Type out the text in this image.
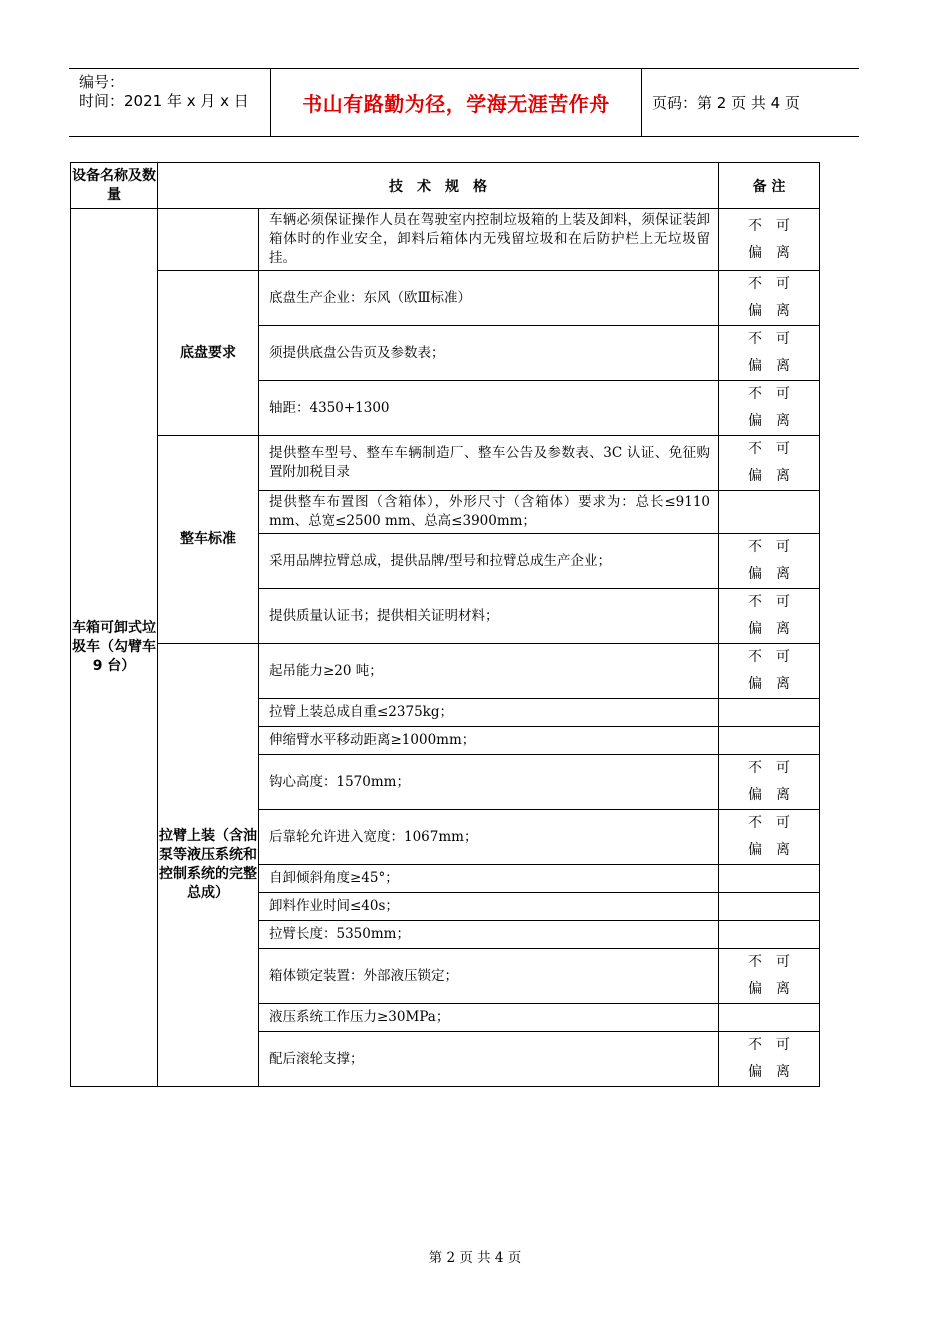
编号：
时间：2021 年 x 月 x 日	书山有路勤为径，学海无涯苦作舟	页码：第 2 页 共 4 页
设备名称及数量	技　术　规　格		备 注
车箱可卸式垃圾车（勾臂车 9 台）		车辆必须保证操作人员在驾驶室内控制垃圾箱的上装及卸料，须保证装卸箱体时的作业安全，卸料后箱体内无残留垃圾和在后防护栏上无垃圾留挂。	不　可
偏　离

	底盘要求	底盘生产企业：东风（欧Ⅲ标准）	不　可
偏　离

		须提供底盘公告页及参数表；	不　可
偏　离

		轴距：4350+1300	不　可
偏　离

	整车标准	提供整车型号、整车车辆制造厂、整车公告及参数表、3C 认证、免征购置附加税目录	不　可
偏　离

		提供整车布置图（含箱体），外形尺寸（含箱体）要求为：总长≤9110 mm、总宽≤2500 mm、总高≤3900mm；	
		采用品牌拉臂总成，提供品牌/型号和拉臂总成生产企业；	不　可
偏　离

		提供质量认证书；提供相关证明材料；	不　可
偏　离

	拉臂上装（含油泵等液压系统和控制系统的完整总成）	起吊能力≥20 吨；	不　可
偏　离

		拉臂上装总成自重≤2375kg；	
		伸缩臂水平移动距离≥1000mm；	
		钩心高度：1570mm；	不　可
偏　离

		后靠轮允许进入宽度：1067mm；	不　可
偏　离

		自卸倾斜角度≥45°；	
		卸料作业时间≤40s；	
		拉臂长度：5350mm；	
		箱体锁定装置：外部液压锁定；	不　可
偏　离

		液压系统工作压力≥30MPa；	
		配后滚轮支撑；	不　可
偏　离
第 2 页 共 4 页
